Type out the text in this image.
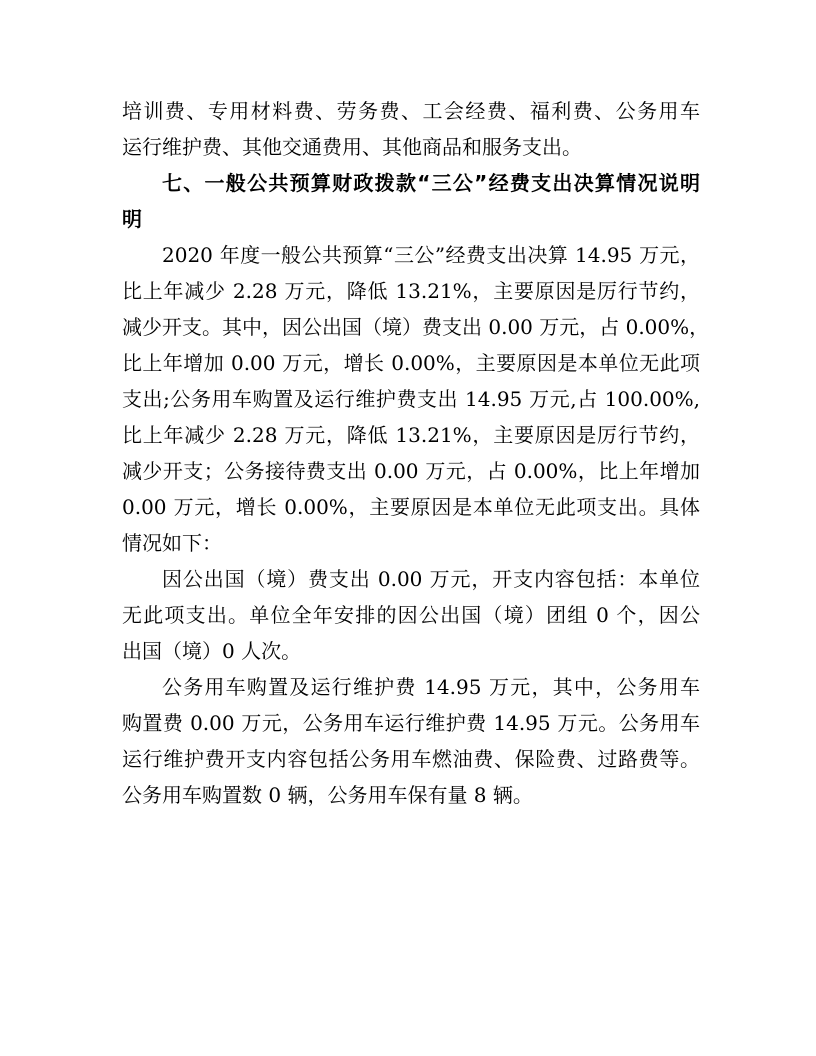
培训费、专用材料费、劳务费、工会经费、福利费、公务用车
运行维护费、其他交通费用、其他商品和服务支出。
七、一般公共预算财政拨款“三公”经费支出决算情况说明
明
2020 年度一般公共预算“三公”经费支出决算 14.95 万元，
比上年减少 2.28 万元，降低 13.21%，主要原因是厉行节约，
减少开支。其中，因公出国（境）费支出 0.00 万元，占 0.00%，
比上年增加 0.00 万元，增长 0.00%，主要原因是本单位无此项
支出;公务用车购置及运行维护费支出 14.95 万元,占 100.00%,
比上年减少 2.28 万元，降低 13.21%，主要原因是厉行节约，
减少开支；公务接待费支出 0.00 万元，占 0.00%，比上年增加
0.00 万元，增长 0.00%，主要原因是本单位无此项支出。具体
情况如下：
因公出国（境）费支出 0.00 万元，开支内容包括：本单位
无此项支出。单位全年安排的因公出国（境）团组 0 个，因公
出国（境）0 人次。
公务用车购置及运行维护费 14.95 万元，其中，公务用车
购置费 0.00 万元，公务用车运行维护费 14.95 万元。公务用车
运行维护费开支内容包括公务用车燃油费、保险费、过路费等。
公务用车购置数 0 辆，公务用车保有量 8 辆。
